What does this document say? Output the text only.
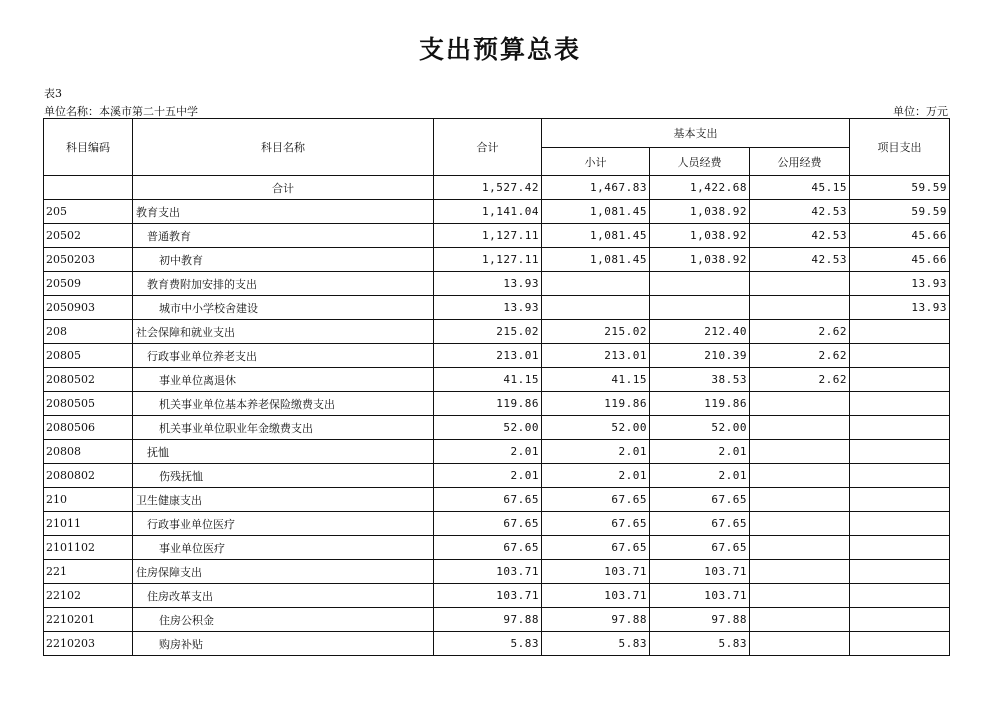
支出预算总表
表3
单位名称：本溪市第二十五中学	单位：万元
科目编码	科目名称	合计	基本支出			项目支出
			小计	人员经费	公用经费	
	合计	1,527.42	1,467.83	1,422.68	45.15	59.59
205	教育支出	1,141.04	1,081.45	1,038.92	42.53	59.59
20502	普通教育	1,127.11	1,081.45	1,038.92	42.53	45.66
2050203	初中教育	1,127.11	1,081.45	1,038.92	42.53	45.66
20509	教育费附加安排的支出	13.93				13.93
2050903	城市中小学校舍建设	13.93				13.93
208	社会保障和就业支出	215.02	215.02	212.40	2.62	
20805	行政事业单位养老支出	213.01	213.01	210.39	2.62	
2080502	事业单位离退休	41.15	41.15	38.53	2.62	
2080505	机关事业单位基本养老保险缴费支出	119.86	119.86	119.86		
2080506	机关事业单位职业年金缴费支出	52.00	52.00	52.00		
20808	抚恤	2.01	2.01	2.01		
2080802	伤残抚恤	2.01	2.01	2.01		
210	卫生健康支出	67.65	67.65	67.65		
21011	行政事业单位医疗	67.65	67.65	67.65		
2101102	事业单位医疗	67.65	67.65	67.65		
221	住房保障支出	103.71	103.71	103.71		
22102	住房改革支出	103.71	103.71	103.71		
2210201	住房公积金	97.88	97.88	97.88		
2210203	购房补贴	5.83	5.83	5.83		
